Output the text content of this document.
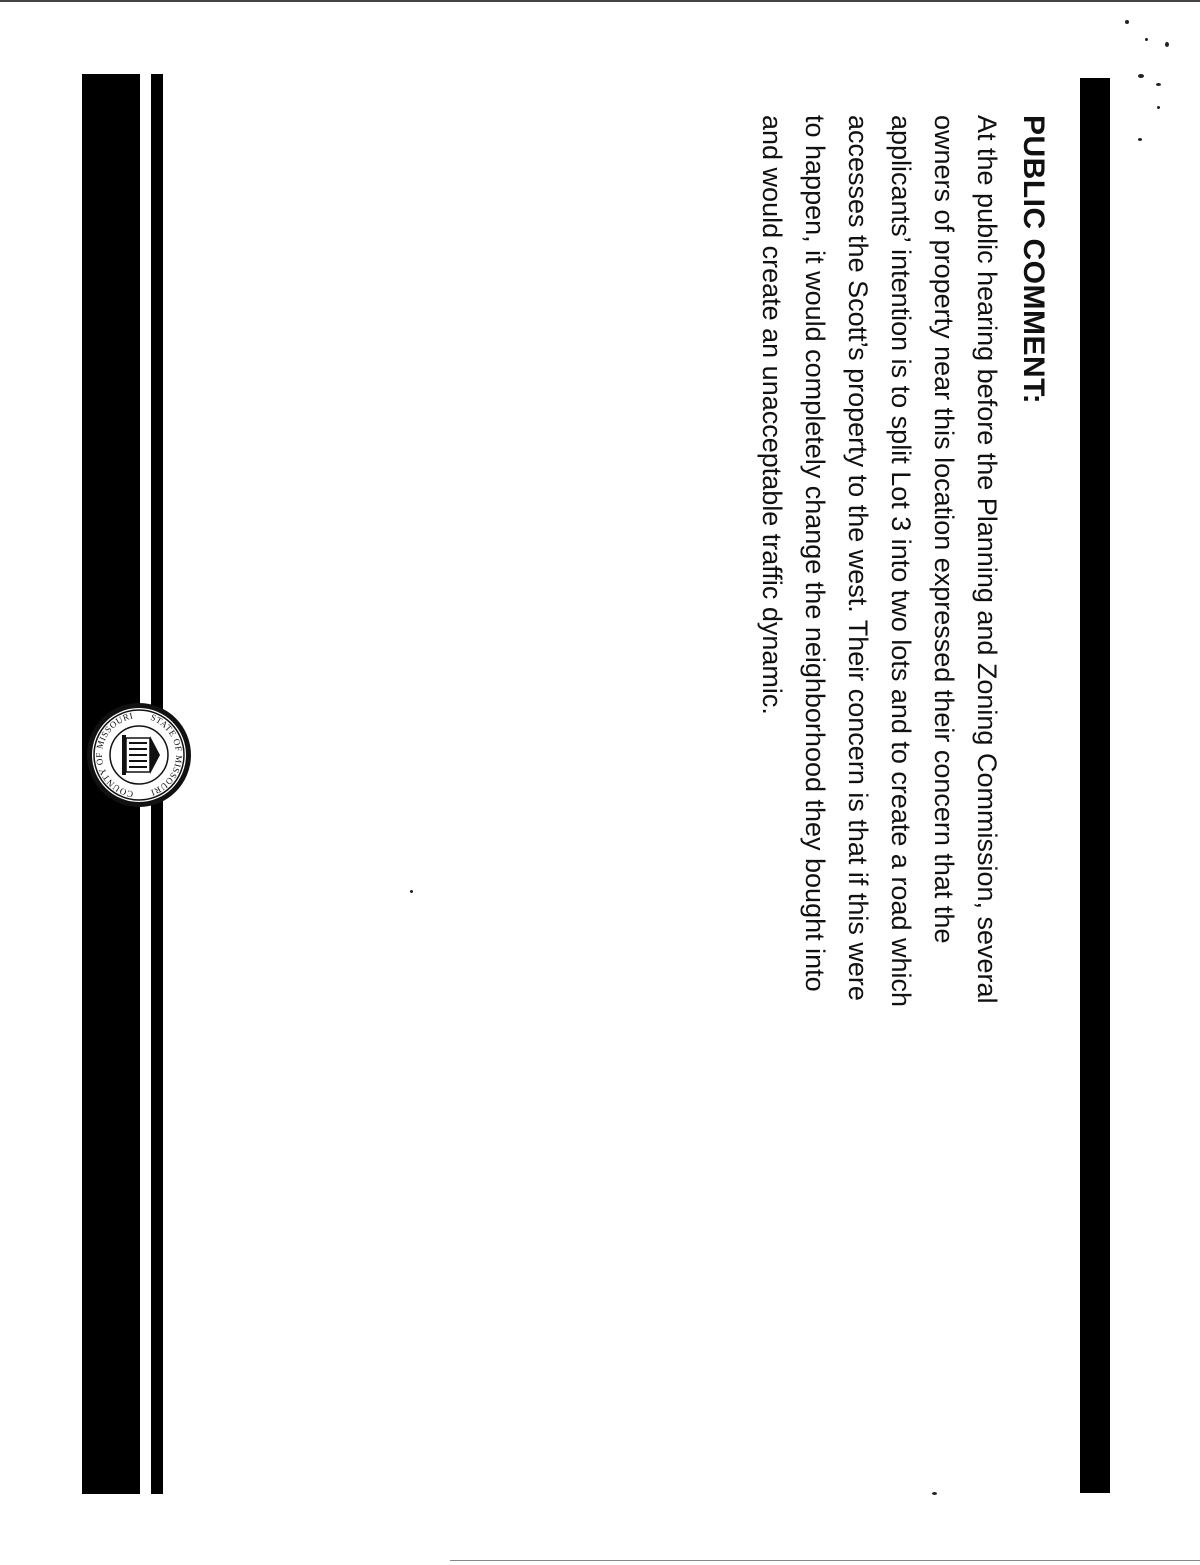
PUBLIC COMMENT:

At the public hearing before the Planning and Zoning Commission, several
owners of property near this location expressed their concern that the
applicants’ intention is to split Lot 3 into two lots and to create a road which
accesses the Scott’s property to the west. Their concern is that if this were
to happen, it would completely change the neighborhood they bought into
and would create an unacceptable traffic dynamic.

STATE OF MISSOURI
COUNTY OF MISSOURI
